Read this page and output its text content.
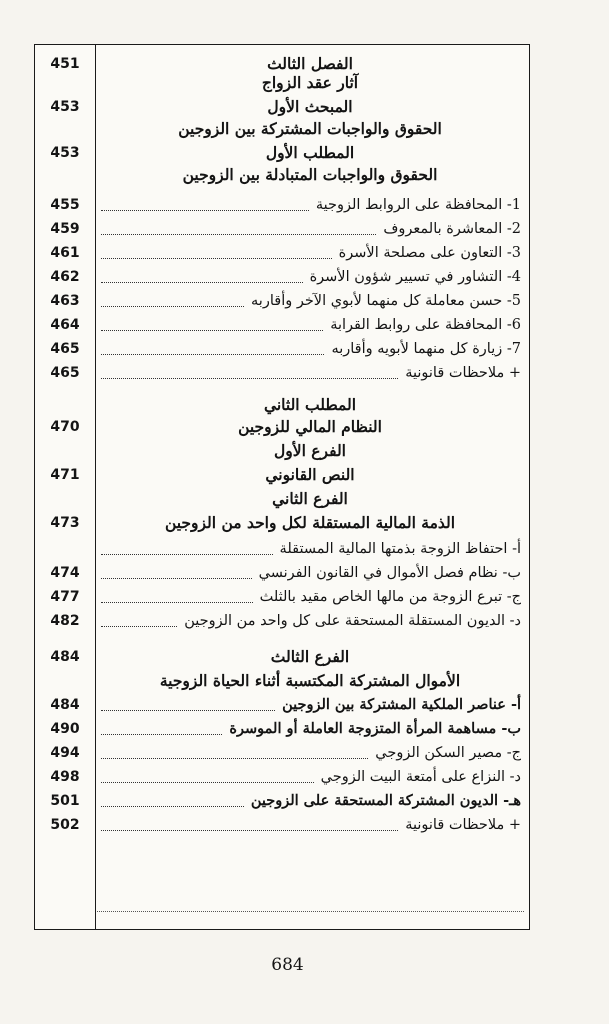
451	الفصل الثالث
آثار عقد الزواج
453	المبحث الأول
الحقوق والواجبات المشتركة بين الزوجين
453	المطلب الأول
الحقوق والواجبات المتبادلة بين الزوجين
455	1- المحافظة على الروابط الزوجية
459	2- المعاشرة بالمعروف
461	3- التعاون على مصلحة الأسرة
462	4- التشاور في تسيير شؤون الأسرة
463	5- حسن معاملة كل منهما لأبوي الآخر وأقاربه
464	6- المحافظة على روابط القرابة
465	7- زيارة كل منهما لأبويه وأقاربه
465	+ ملاحظات قانونية
المطلب الثاني
470	النظام المالي للزوجين
الفرع الأول
471	النص القانوني
الفرع الثاني
473	الذمة المالية المستقلة لكل واحد من الزوجين
أ- احتفاظ الزوجة بذمتها المالية المستقلة
474	ب- نظام فصل الأموال في القانون الفرنسي
477	ج- تبرع الزوجة من مالها الخاص مقيد بالثلث
482	د- الديون المستقلة المستحقة على كل واحد من الزوجين
484	الفرع الثالث
الأموال المشتركة المكتسبة أثناء الحياة الزوجية
484	أ- عناصر الملكية المشتركة بين الزوجين
490	ب- مساهمة المرأة المتزوجة العاملة أو الموسرة
494	ج- مصير السكن الزوجي
498	د- النزاع على أمتعة البيت الزوجي
501	هـ- الديون المشتركة المستحقة على الزوجين
502	+ ملاحظات قانونية
684
